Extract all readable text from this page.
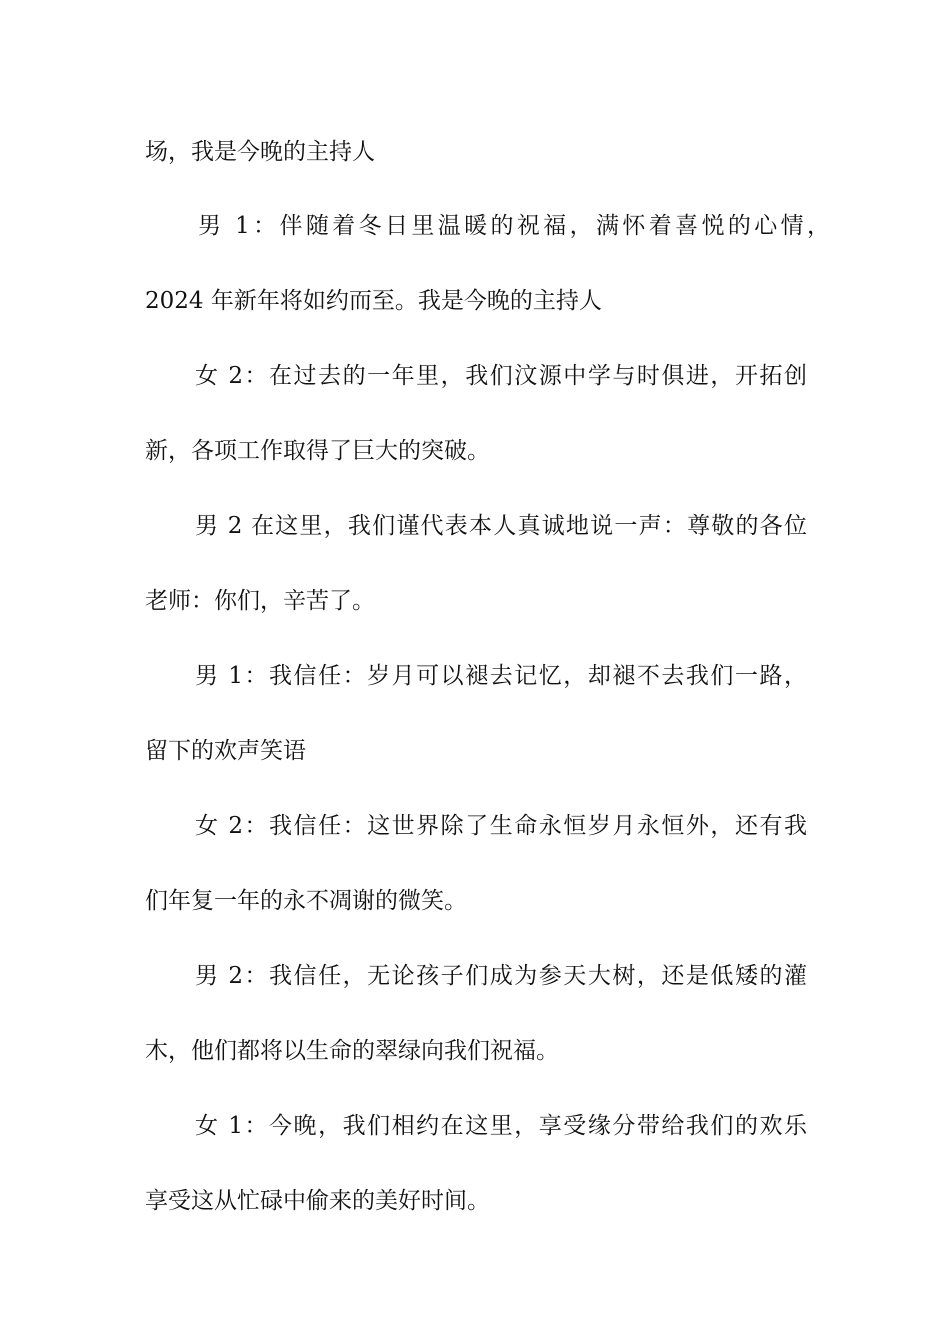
场，我是今晚的主持人
男 1：伴随着冬日里温暖的祝福，满怀着喜悦的心情，
2024 年新年将如约而至。我是今晚的主持人
女 2：在过去的一年里，我们汶源中学与时俱进，开拓创
新，各项工作取得了巨大的突破。
男 2 在这里，我们谨代表本人真诚地说一声：尊敬的各位
老师：你们，辛苦了。
男 1：我信任：岁月可以褪去记忆，却褪不去我们一路，
留下的欢声笑语
女 2：我信任：这世界除了生命永恒岁月永恒外，还有我
们年复一年的永不凋谢的微笑。
男 2：我信任，无论孩子们成为参天大树，还是低矮的灌
木，他们都将以生命的翠绿向我们祝福。
女 1：今晚，我们相约在这里，享受缘分带给我们的欢乐
享受这从忙碌中偷来的美好时间。
